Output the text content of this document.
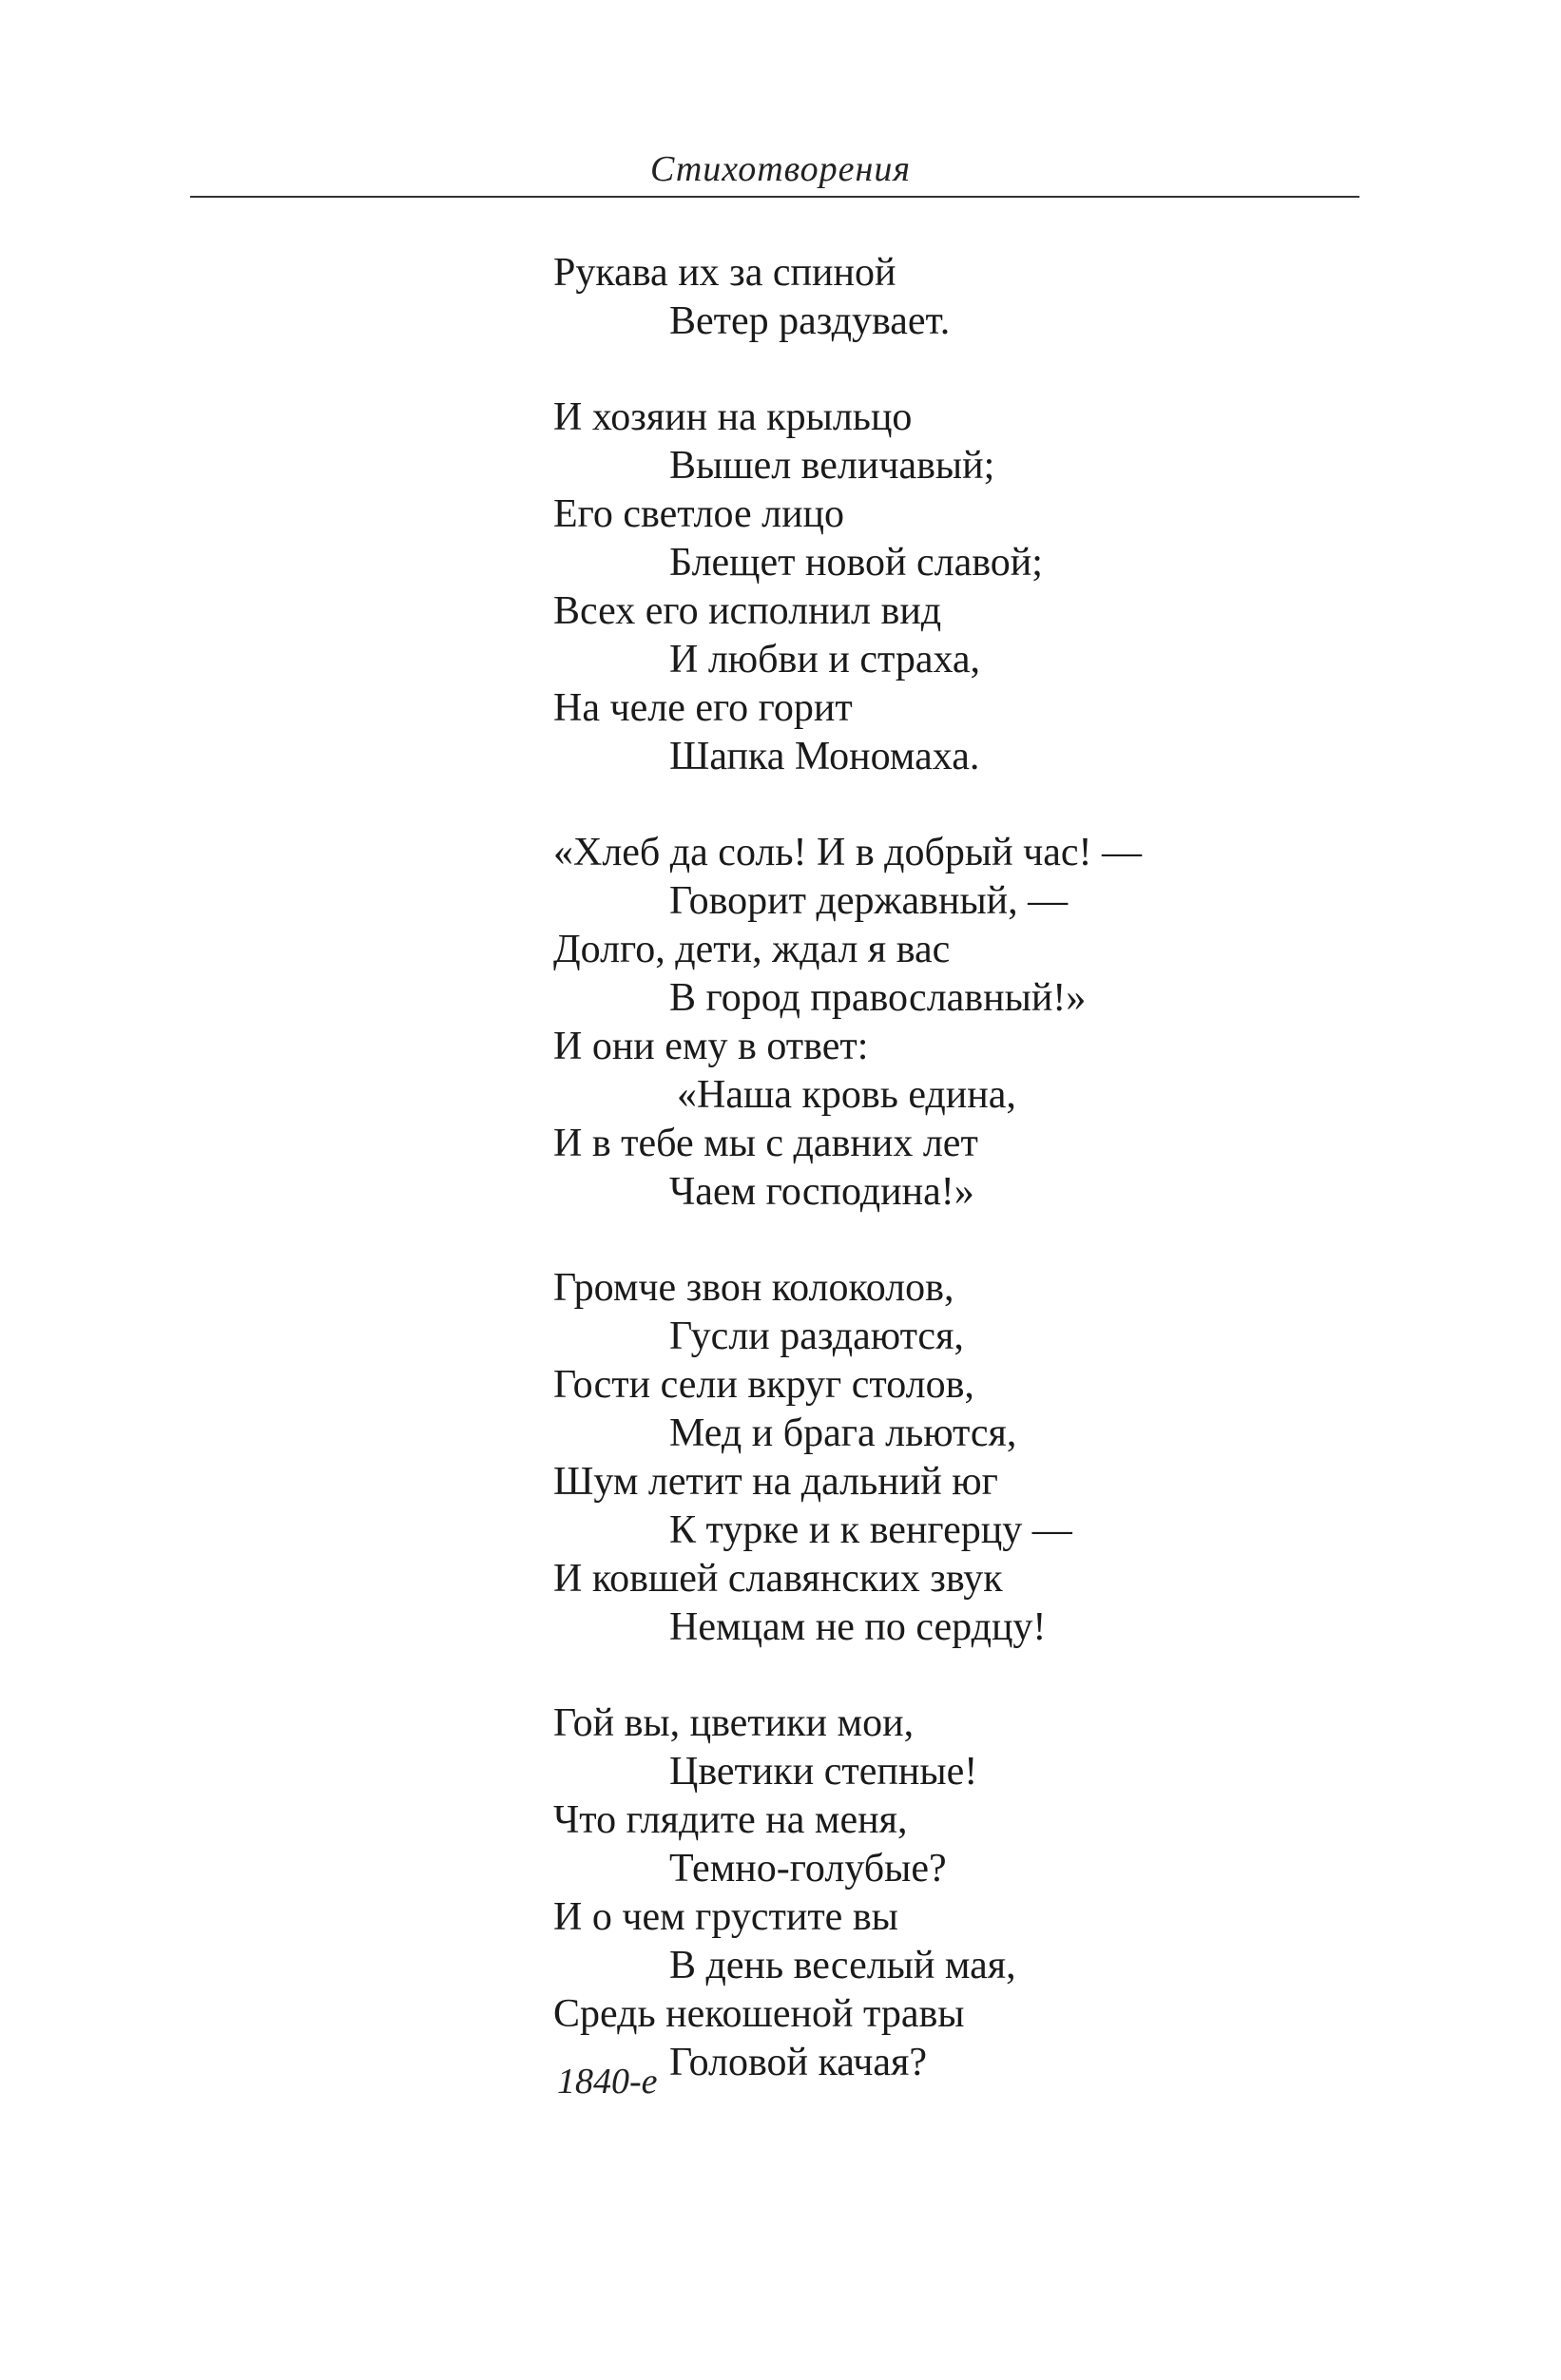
Стихотворения
Рукава их за спиной
Ветер раздувает.
И хозяин на крыльцо
Вышел величавый;
Его светлое лицо
Блещет новой славой;
Всех его исполнил вид
И любви и страха,
На челе его горит
Шапка Мономаха.
«Хлеб да соль! И в добрый час! —
Говорит державный, —
Долго, дети, ждал я вас
В город православный!»
И они ему в ответ:
«Наша кровь едина,
И в тебе мы с давних лет
Чаем господина!»
Громче звон колоколов,
Гусли раздаются,
Гости сели вкруг столов,
Мед и брага льются,
Шум летит на дальний юг
К турке и к венгерцу —
И ковшей славянских звук
Немцам не по сердцу!
Гой вы, цветики мои,
Цветики степные!
Что глядите на меня,
Темно-голубые?
И о чем грустите вы
В день веселый мая,
Средь некошеной травы
Головой качая?
1840-е
